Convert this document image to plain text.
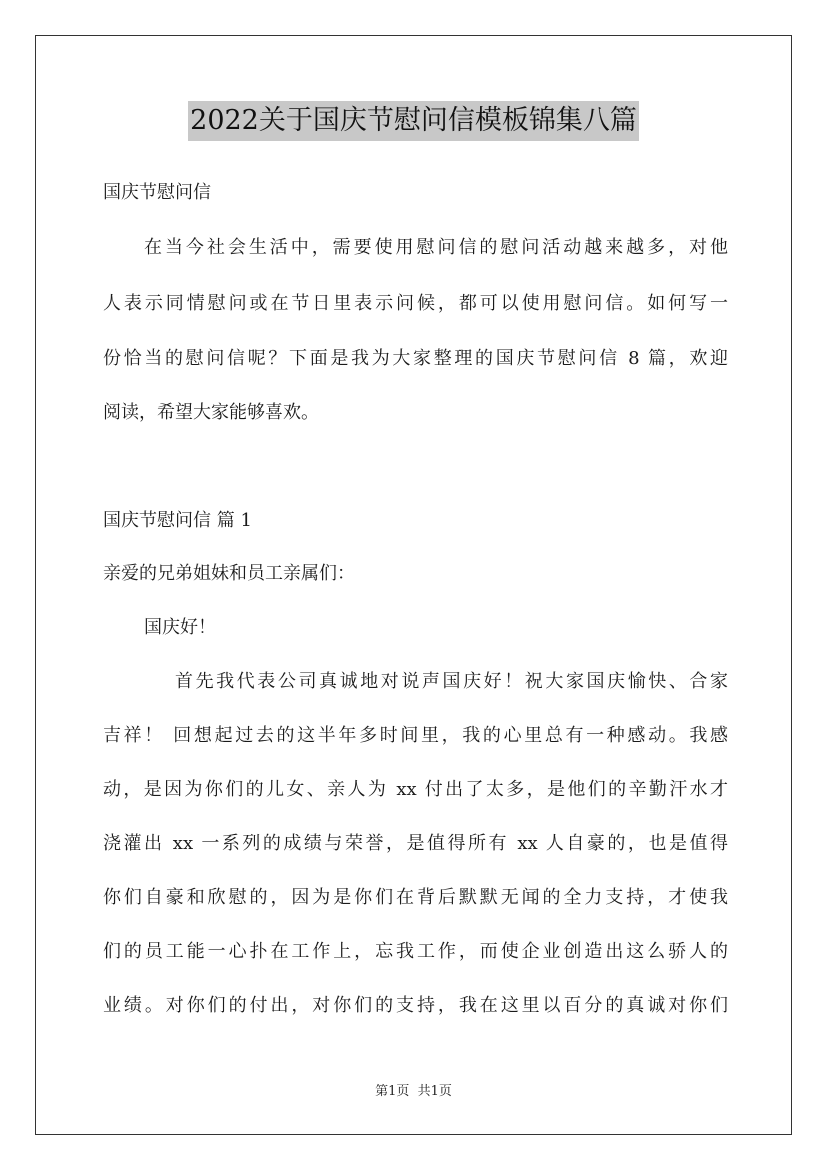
2022关于国庆节慰问信模板锦集八篇
国庆节慰问信
在当今社会生活中，需要使用慰问信的慰问活动越来越多，对他
人表示同情慰问或在节日里表示问候，都可以使用慰问信。如何写一
份恰当的慰问信呢？下面是我为大家整理的国庆节慰问信 8 篇，欢迎
阅读，希望大家能够喜欢。
国庆节慰问信 篇 1
亲爱的兄弟姐妹和员工亲属们：
国庆好！
首先我代表公司真诚地对说声国庆好！祝大家国庆愉快、合家
吉祥！ 回想起过去的这半年多时间里，我的心里总有一种感动。我感
动，是因为你们的儿女、亲人为 xx 付出了太多，是他们的辛勤汗水才
浇灌出 xx 一系列的成绩与荣誉，是值得所有 xx 人自豪的，也是值得
你们自豪和欣慰的，因为是你们在背后默默无闻的全力支持，才使我
们的员工能一心扑在工作上，忘我工作，而使企业创造出这么骄人的
业绩。对你们的付出，对你们的支持，我在这里以百分的真诚对你们
第1页 共1页
